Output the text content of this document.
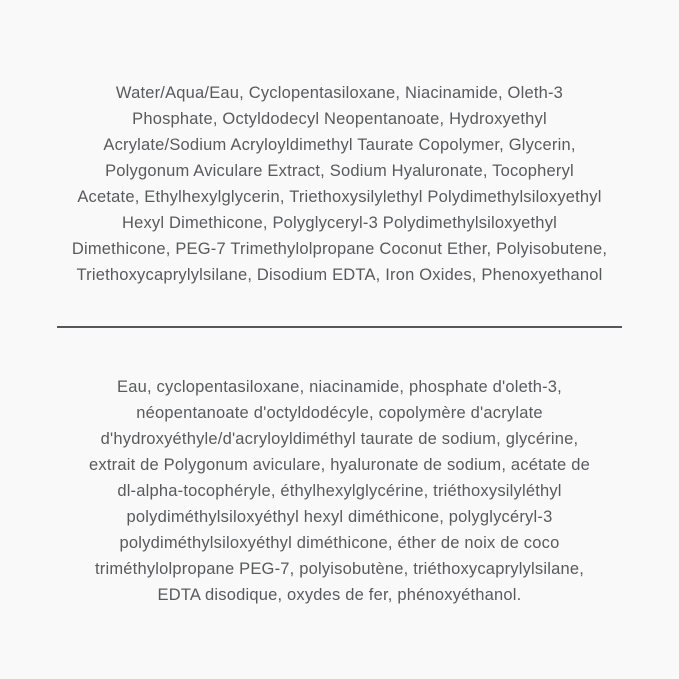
Water/Aqua/Eau, Cyclopentasiloxane, Niacinamide, Oleth-3
Phosphate, Octyldodecyl Neopentanoate, Hydroxyethyl
Acrylate/Sodium Acryloyldimethyl Taurate Copolymer, Glycerin,
Polygonum Aviculare Extract, Sodium Hyaluronate, Tocopheryl
Acetate, Ethylhexylglycerin, Triethoxysilylethyl Polydimethylsiloxyethyl
Hexyl Dimethicone, Polyglyceryl-3 Polydimethylsiloxyethyl
Dimethicone, PEG-7 Trimethylolpropane Coconut Ether, Polyisobutene,
Triethoxycaprylylsilane, Disodium EDTA, Iron Oxides, Phenoxyethanol
Eau, cyclopentasiloxane, niacinamide, phosphate d'oleth-3,
néopentanoate d'octyldodécyle, copolymère d'acrylate
d'hydroxyéthyle/d'acryloyldiméthyl taurate de sodium, glycérine,
extrait de Polygonum aviculare, hyaluronate de sodium, acétate de
dl-alpha-tocophéryle, éthylhexylglycérine, triéthoxysilyléthyl
polydiméthylsiloxyéthyl hexyl diméthicone, polyglycéryl-3
polydiméthylsiloxyéthyl diméthicone, éther de noix de coco
triméthylolpropane PEG-7, polyisobutène, triéthoxycaprylylsilane,
EDTA disodique, oxydes de fer, phénoxyéthanol.
